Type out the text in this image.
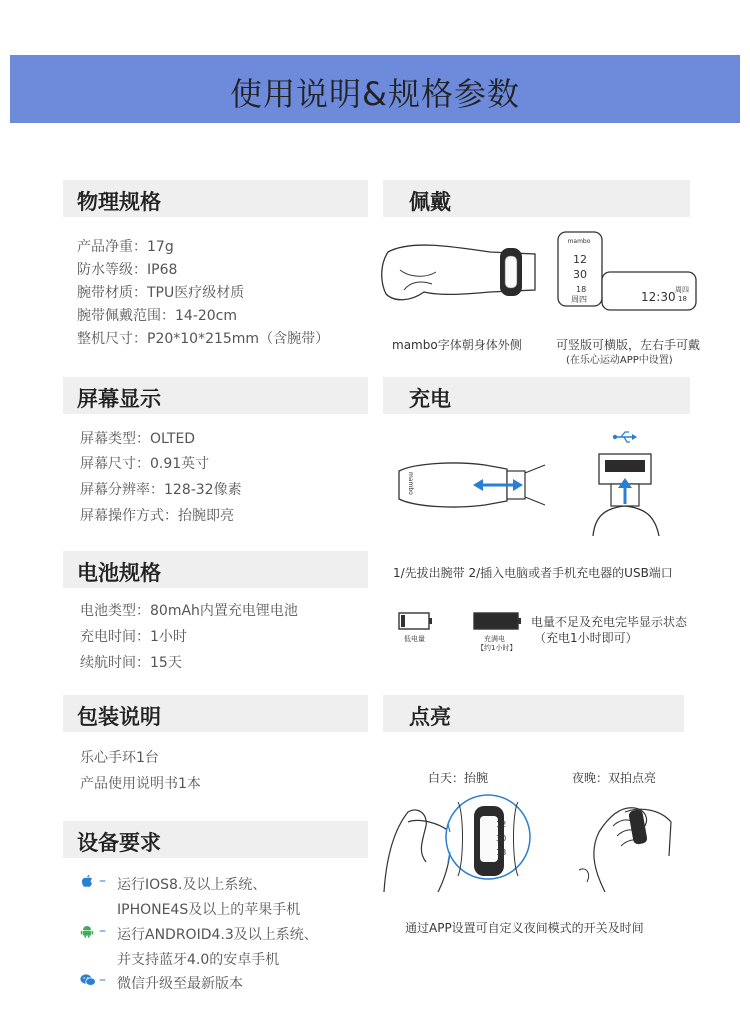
使用说明&规格参数
物理规格
产品净重：17g
防水等级：IP68
腕带材质：TPU医疗级材质
腕带佩戴范围：14-20cm
整机尺寸：P20*10*215mm（含腕带）
佩戴
mambo
12
30
18
周四	12:30 周四
18
mambo字体朝身体外侧	可竖版可横版，左右手可戴
(在乐心运动APP中设置)
屏幕显示
屏幕类型：OLTED
屏幕尺寸：0.91英寸
屏幕分辨率：128-32像素
屏幕操作方式：抬腕即亮
充电
mambo
1/先拔出腕带 2/插入电脑或者手机充电器的USB端口
低电量	充满电
【约1小时】
电量不足及充电完毕显示状态
（充电1小时即可）
电池规格
电池类型：80mAh内置充电锂电池
充电时间：1小时
续航时间：15天
包装说明
乐心手环1台
产品使用说明书1本
点亮
白天：抬腕	夜晚：双拍点亮
12
30
18
通过APP设置可自定义夜间模式的开关及时间
设备要求
– 运行IOS8.及以上系统、
IPHONE4S及以上的苹果手机
– 运行ANDROID4.3及以上系统、
并支持蓝牙4.0的安卓手机
– 微信升级至最新版本
